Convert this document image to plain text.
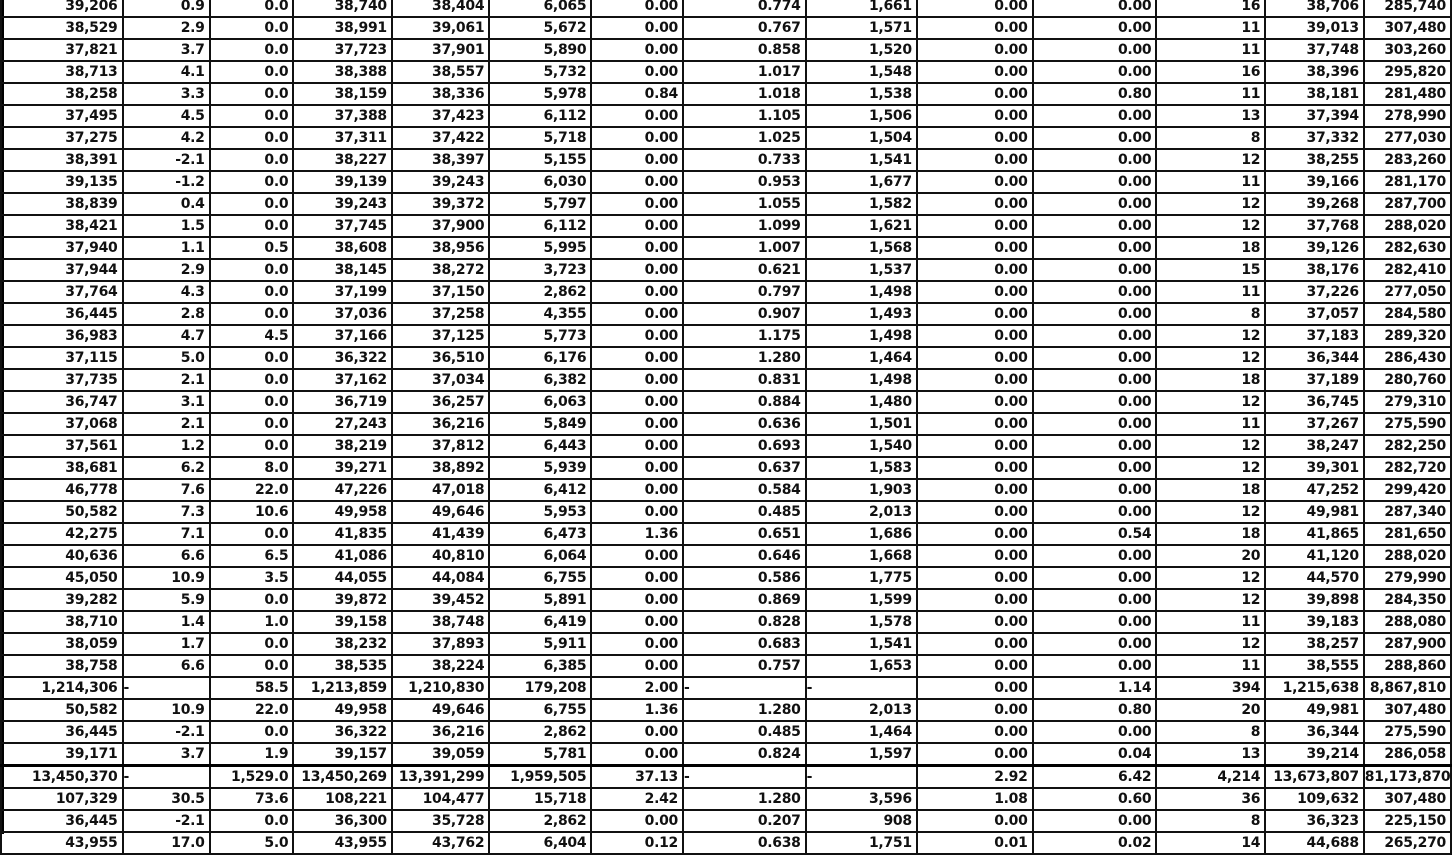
39,206	0.9	0.0	38,740	38,404	6,065	0.00	0.774	1,661	0.00	0.00	16	38,706	285,740
38,529	2.9	0.0	38,991	39,061	5,672	0.00	0.767	1,571	0.00	0.00	11	39,013	307,480
37,821	3.7	0.0	37,723	37,901	5,890	0.00	0.858	1,520	0.00	0.00	11	37,748	303,260
38,713	4.1	0.0	38,388	38,557	5,732	0.00	1.017	1,548	0.00	0.00	16	38,396	295,820
38,258	3.3	0.0	38,159	38,336	5,978	0.84	1.018	1,538	0.00	0.80	11	38,181	281,480
37,495	4.5	0.0	37,388	37,423	6,112	0.00	1.105	1,506	0.00	0.00	13	37,394	278,990
37,275	4.2	0.0	37,311	37,422	5,718	0.00	1.025	1,504	0.00	0.00	8	37,332	277,030
38,391	-2.1	0.0	38,227	38,397	5,155	0.00	0.733	1,541	0.00	0.00	12	38,255	283,260
39,135	-1.2	0.0	39,139	39,243	6,030	0.00	0.953	1,677	0.00	0.00	11	39,166	281,170
38,839	0.4	0.0	39,243	39,372	5,797	0.00	1.055	1,582	0.00	0.00	12	39,268	287,700
38,421	1.5	0.0	37,745	37,900	6,112	0.00	1.099	1,621	0.00	0.00	12	37,768	288,020
37,940	1.1	0.5	38,608	38,956	5,995	0.00	1.007	1,568	0.00	0.00	18	39,126	282,630
37,944	2.9	0.0	38,145	38,272	3,723	0.00	0.621	1,537	0.00	0.00	15	38,176	282,410
37,764	4.3	0.0	37,199	37,150	2,862	0.00	0.797	1,498	0.00	0.00	11	37,226	277,050
36,445	2.8	0.0	37,036	37,258	4,355	0.00	0.907	1,493	0.00	0.00	8	37,057	284,580
36,983	4.7	4.5	37,166	37,125	5,773	0.00	1.175	1,498	0.00	0.00	12	37,183	289,320
37,115	5.0	0.0	36,322	36,510	6,176	0.00	1.280	1,464	0.00	0.00	12	36,344	286,430
37,735	2.1	0.0	37,162	37,034	6,382	0.00	0.831	1,498	0.00	0.00	18	37,189	280,760
36,747	3.1	0.0	36,719	36,257	6,063	0.00	0.884	1,480	0.00	0.00	12	36,745	279,310
37,068	2.1	0.0	27,243	36,216	5,849	0.00	0.636	1,501	0.00	0.00	11	37,267	275,590
37,561	1.2	0.0	38,219	37,812	6,443	0.00	0.693	1,540	0.00	0.00	12	38,247	282,250
38,681	6.2	8.0	39,271	38,892	5,939	0.00	0.637	1,583	0.00	0.00	12	39,301	282,720
46,778	7.6	22.0	47,226	47,018	6,412	0.00	0.584	1,903	0.00	0.00	18	47,252	299,420
50,582	7.3	10.6	49,958	49,646	5,953	0.00	0.485	2,013	0.00	0.00	12	49,981	287,340
42,275	7.1	0.0	41,835	41,439	6,473	1.36	0.651	1,686	0.00	0.54	18	41,865	281,650
40,636	6.6	6.5	41,086	40,810	6,064	0.00	0.646	1,668	0.00	0.00	20	41,120	288,020
45,050	10.9	3.5	44,055	44,084	6,755	0.00	0.586	1,775	0.00	0.00	12	44,570	279,990
39,282	5.9	0.0	39,872	39,452	5,891	0.00	0.869	1,599	0.00	0.00	12	39,898	284,350
38,710	1.4	1.0	39,158	38,748	6,419	0.00	0.828	1,578	0.00	0.00	11	39,183	288,080
38,059	1.7	0.0	38,232	37,893	5,911	0.00	0.683	1,541	0.00	0.00	12	38,257	287,900
38,758	6.6	0.0	38,535	38,224	6,385	0.00	0.757	1,653	0.00	0.00	11	38,555	288,860
1,214,306	-	58.5	1,213,859	1,210,830	179,208	2.00	-	-	0.00	1.14	394	1,215,638	8,867,810
50,582	10.9	22.0	49,958	49,646	6,755	1.36	1.280	2,013	0.00	0.80	20	49,981	307,480
36,445	-2.1	0.0	36,322	36,216	2,862	0.00	0.485	1,464	0.00	0.00	8	36,344	275,590
39,171	3.7	1.9	39,157	39,059	5,781	0.00	0.824	1,597	0.00	0.04	13	39,214	286,058
13,450,370	-	1,529.0	13,450,269	13,391,299	1,959,505	37.13	-	-	2.92	6.42	4,214	13,673,807	81,173,870
107,329	30.5	73.6	108,221	104,477	15,718	2.42	1.280	3,596	1.08	0.60	36	109,632	307,480
36,445	-2.1	0.0	36,300	35,728	2,862	0.00	0.207	908	0.00	0.00	8	36,323	225,150
43,955	17.0	5.0	43,955	43,762	6,404	0.12	0.638	1,751	0.01	0.02	14	44,688	265,270
